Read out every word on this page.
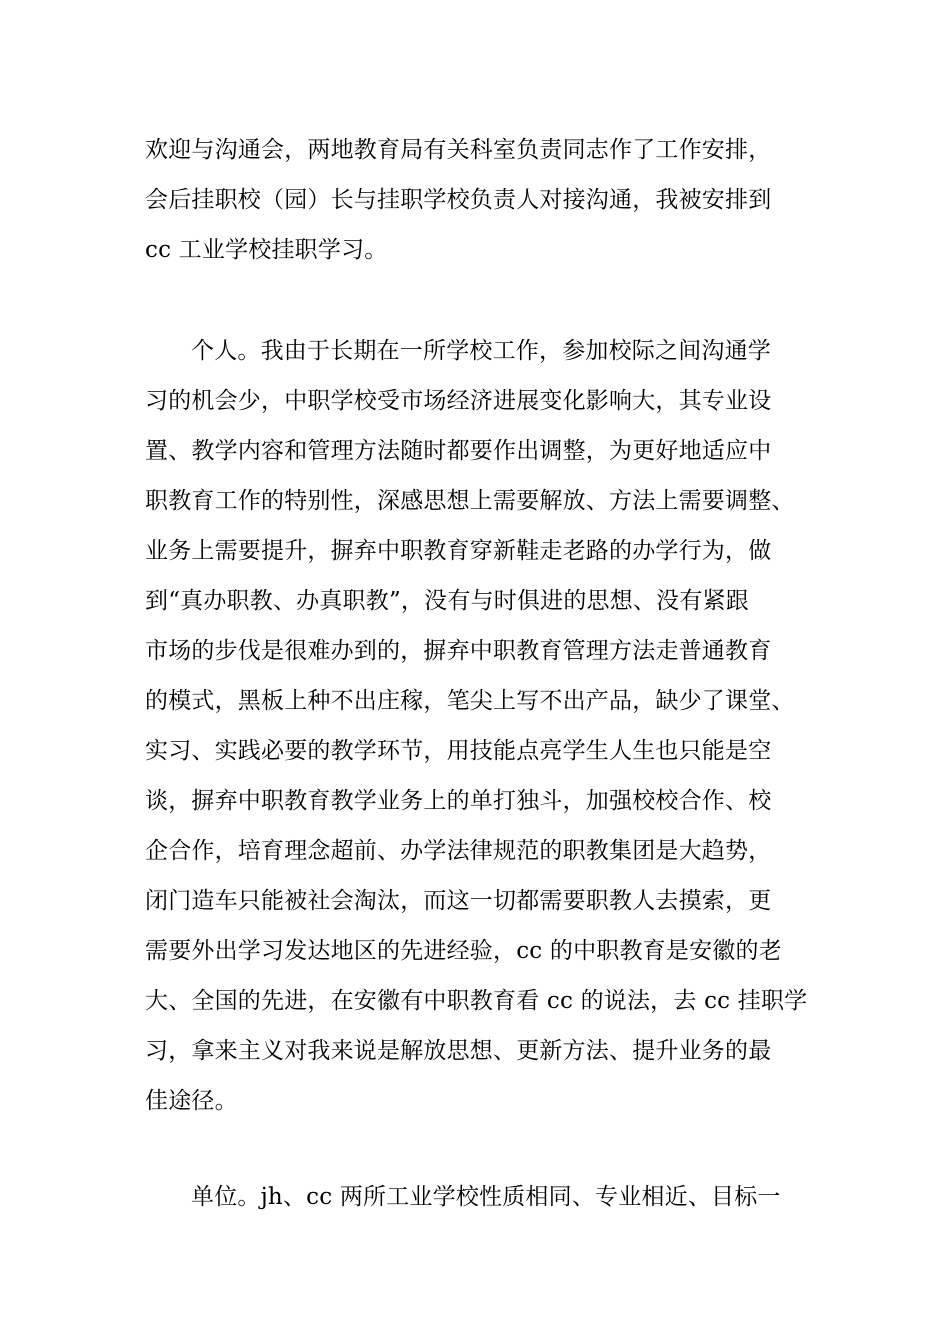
欢迎与沟通会，两地教育局有关科室负责同志作了工作安排，
会后挂职校（园）长与挂职学校负责人对接沟通，我被安排到
cc 工业学校挂职学习。
个人。我由于长期在一所学校工作，参加校际之间沟通学
习的机会少，中职学校受市场经济进展变化影响大，其专业设
置、教学内容和管理方法随时都要作出调整，为更好地适应中
职教育工作的特别性，深感思想上需要解放、方法上需要调整、
业务上需要提升，摒弃中职教育穿新鞋走老路的办学行为，做
到“真办职教、办真职教”，没有与时俱进的思想、没有紧跟
市场的步伐是很难办到的，摒弃中职教育管理方法走普通教育
的模式，黑板上种不出庄稼，笔尖上写不出产品，缺少了课堂、
实习、实践必要的教学环节，用技能点亮学生人生也只能是空
谈，摒弃中职教育教学业务上的单打独斗，加强校校合作、校
企合作，培育理念超前、办学法律规范的职教集团是大趋势，
闭门造车只能被社会淘汰，而这一切都需要职教人去摸索，更
需要外出学习发达地区的先进经验，cc 的中职教育是安徽的老
大、全国的先进，在安徽有中职教育看 cc 的说法，去 cc 挂职学
习，拿来主义对我来说是解放思想、更新方法、提升业务的最
佳途径。
单位。jh、cc 两所工业学校性质相同、专业相近、目标一
